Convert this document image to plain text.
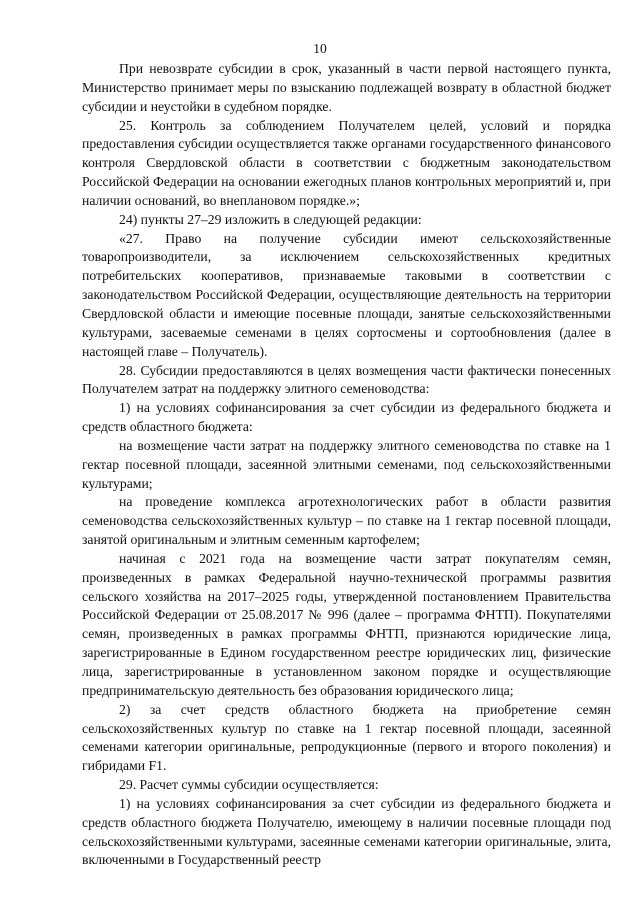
10

При невозврате субсидии в срок, указанный в части первой настоящего пункта, Министерство принимает меры по взысканию подлежащей возврату в областной бюджет субсидии и неустойки в судебном порядке.

25. Контроль за соблюдением Получателем целей, условий и порядка предоставления субсидии осуществляется также органами государственного финансового контроля Свердловской области в соответствии с бюджетным законодательством Российской Федерации на основании ежегодных планов контрольных мероприятий и, при наличии оснований, во внеплановом порядке.»;

24) пункты 27–29 изложить в следующей редакции:

«27. Право на получение субсидии имеют сельскохозяйственные товаропроизводители, за исключением сельскохозяйственных кредитных потребительских кооперативов, признаваемые таковыми в соответствии с законодательством Российской Федерации, осуществляющие деятельность на территории Свердловской области и имеющие посевные площади, занятые сельскохозяйственными культурами, засеваемые семенами в целях сортосмены и сортообновления (далее в настоящей главе – Получатель).

28. Субсидии предоставляются в целях возмещения части фактически понесенных Получателем затрат на поддержку элитного семеноводства:

1) на условиях софинансирования за счет субсидии из федерального бюджета и средств областного бюджета:

на возмещение части затрат на поддержку элитного семеноводства по ставке на 1 гектар посевной площади, засеянной элитными семенами, под сельскохозяйственными культурами;

на проведение комплекса агротехнологических работ в области развития семеноводства сельскохозяйственных культур – по ставке на 1 гектар посевной площади, занятой оригинальным и элитным семенным картофелем;

начиная с 2021 года на возмещение части затрат покупателям семян, произведенных в рамках Федеральной научно-технической программы развития сельского хозяйства на 2017–2025 годы, утвержденной постановлением Правительства Российской Федерации от 25.08.2017 № 996 (далее – программа ФНТП). Покупателями семян, произведенных в рамках программы ФНТП, признаются юридические лица, зарегистрированные в Едином государственном реестре юридических лиц, физические лица, зарегистрированные в установленном законом порядке и осуществляющие предпринимательскую деятельность без образования юридического лица;

2) за счет средств областного бюджета на приобретение семян сельскохозяйственных культур по ставке на 1 гектар посевной площади, засеянной семенами категории оригинальные, репродукционные (первого и второго поколения) и гибридами F1.

29. Расчет суммы субсидии осуществляется:

1) на условиях софинансирования за счет субсидии из федерального бюджета и средств областного бюджета Получателю, имеющему в наличии посевные площади под сельскохозяйственными культурами, засеянные семенами категории оригинальные, элита, включенными в Государственный реестр
